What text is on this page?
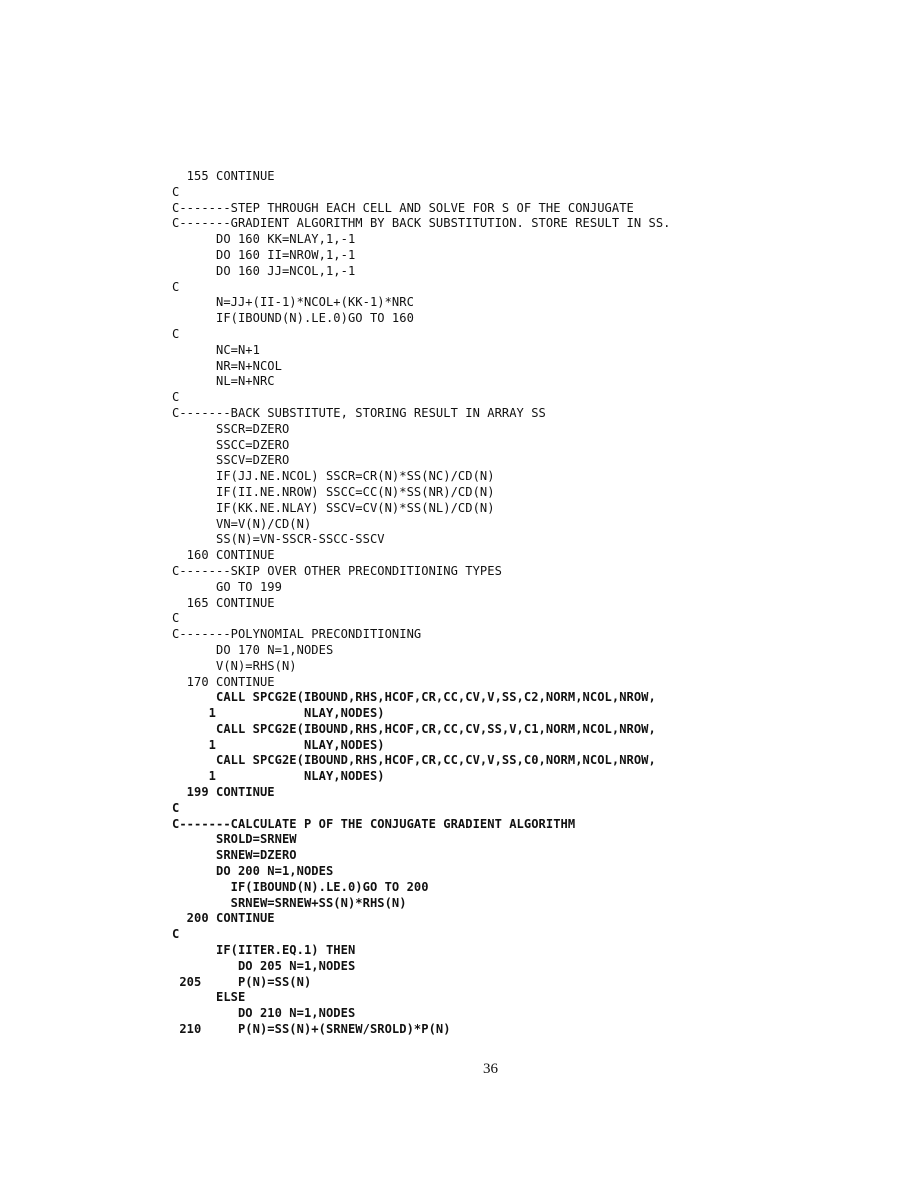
155 CONTINUE
C
C-------STEP THROUGH EACH CELL AND SOLVE FOR S OF THE CONJUGATE
C-------GRADIENT ALGORITHM BY BACK SUBSTITUTION. STORE RESULT IN SS.
DO 160 KK=NLAY,1,-1
DO 160 II=NROW,1,-1
DO 160 JJ=NCOL,1,-1
C
N=JJ+(II-1)*NCOL+(KK-1)*NRC
IF(IBOUND(N).LE.0)GO TO 160
C
NC=N+1
NR=N+NCOL
NL=N+NRC
C
C-------BACK SUBSTITUTE, STORING RESULT IN ARRAY SS
SSCR=DZERO
SSCC=DZERO
SSCV=DZERO
IF(JJ.NE.NCOL) SSCR=CR(N)*SS(NC)/CD(N)
IF(II.NE.NROW) SSCC=CC(N)*SS(NR)/CD(N)
IF(KK.NE.NLAY) SSCV=CV(N)*SS(NL)/CD(N)
VN=V(N)/CD(N)
SS(N)=VN-SSCR-SSCC-SSCV
160 CONTINUE
C-------SKIP OVER OTHER PRECONDITIONING TYPES
GO TO 199
165 CONTINUE
C
C-------POLYNOMIAL PRECONDITIONING
DO 170 N=1,NODES
V(N)=RHS(N)
170 CONTINUE
CALL SPCG2E(IBOUND,RHS,HCOF,CR,CC,CV,V,SS,C2,NORM,NCOL,NROW,
1            NLAY,NODES)
CALL SPCG2E(IBOUND,RHS,HCOF,CR,CC,CV,SS,V,C1,NORM,NCOL,NROW,
1            NLAY,NODES)
CALL SPCG2E(IBOUND,RHS,HCOF,CR,CC,CV,V,SS,C0,NORM,NCOL,NROW,
1            NLAY,NODES)
199 CONTINUE
C
C-------CALCULATE P OF THE CONJUGATE GRADIENT ALGORITHM
SROLD=SRNEW
SRNEW=DZERO
DO 200 N=1,NODES
IF(IBOUND(N).LE.0)GO TO 200
SRNEW=SRNEW+SS(N)*RHS(N)
200 CONTINUE
C
IF(IITER.EQ.1) THEN
DO 205 N=1,NODES
205     P(N)=SS(N)
ELSE
DO 210 N=1,NODES
210     P(N)=SS(N)+(SRNEW/SROLD)*P(N)
36
